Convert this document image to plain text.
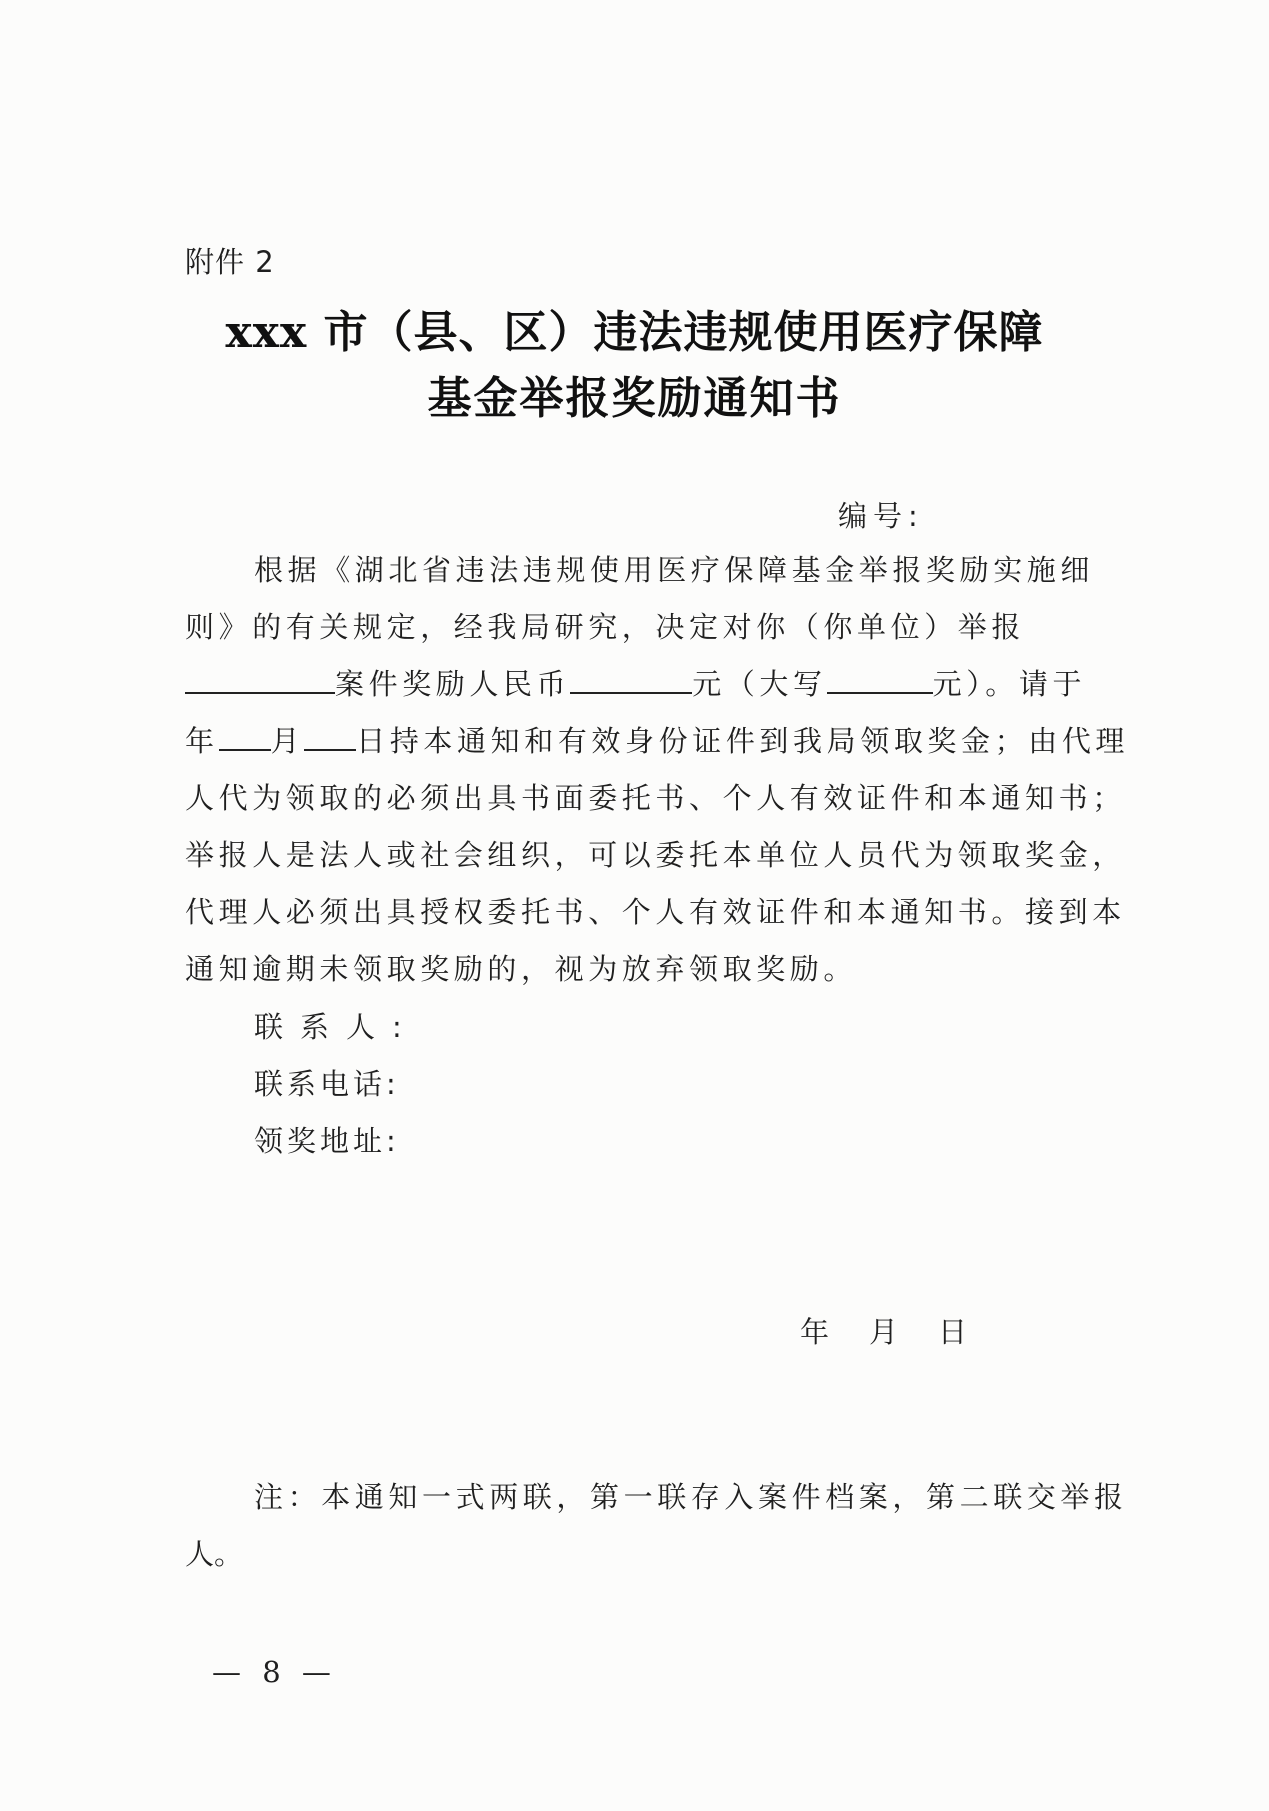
附件 2
xxx 市（县、区）违法违规使用医疗保障
基金举报奖励通知书
编号:
根据《湖北省违法违规使用医疗保障基金举报奖励实施细
则》的有关规定，经我局研究，决定对你（你单位）举报
案件奖励人民币	元（大写	元）。请于
年 月 日持本通知和有效身份证件到我局领取奖金；由代理
人代为领取的必须出具书面委托书、个人有效证件和本通知书；
举报人是法人或社会组织，可以委托本单位人员代为领取奖金，
代理人必须出具授权委托书、个人有效证件和本通知书。接到本
通知逾期未领取奖励的，视为放弃领取奖励。
联系人:
联系电话:
领奖地址:
年 月 日
注：本通知一式两联，第一联存入案件档案，第二联交举报
人。
— 8 —
